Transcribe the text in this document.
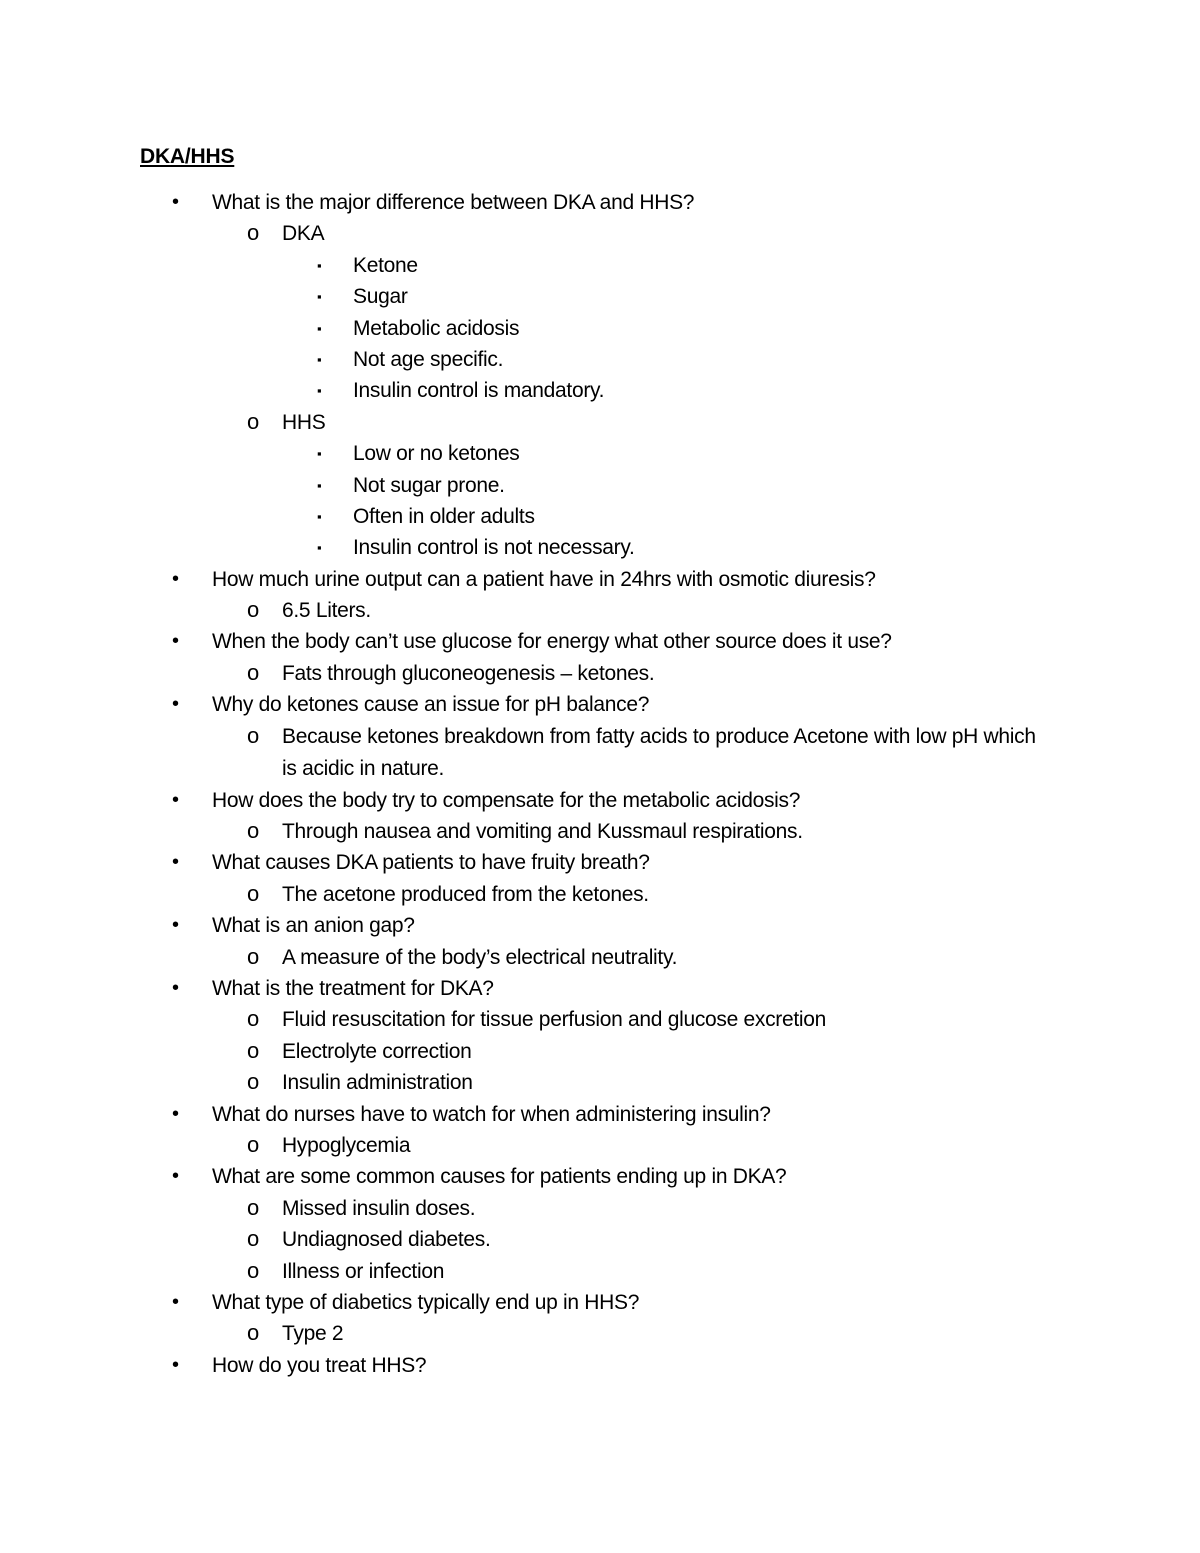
DKA/HHS
• What is the major difference between DKA and HHS?
o DKA
▪ Ketone
▪ Sugar
▪ Metabolic acidosis
▪ Not age specific.
▪ Insulin control is mandatory.
o HHS
▪ Low or no ketones
▪ Not sugar prone.
▪ Often in older adults
▪ Insulin control is not necessary.
• How much urine output can a patient have in 24hrs with osmotic diuresis?
o 6.5 Liters.
• When the body can’t use glucose for energy what other source does it use?
o Fats through gluconeogenesis – ketones.
• Why do ketones cause an issue for pH balance?
o Because ketones breakdown from fatty acids to produce Acetone with low pH which is acidic in nature.
• How does the body try to compensate for the metabolic acidosis?
o Through nausea and vomiting and Kussmaul respirations.
• What causes DKA patients to have fruity breath?
o The acetone produced from the ketones.
• What is an anion gap?
o A measure of the body’s electrical neutrality.
• What is the treatment for DKA?
o Fluid resuscitation for tissue perfusion and glucose excretion
o Electrolyte correction
o Insulin administration
• What do nurses have to watch for when administering insulin?
o Hypoglycemia
• What are some common causes for patients ending up in DKA?
o Missed insulin doses.
o Undiagnosed diabetes.
o Illness or infection
• What type of diabetics typically end up in HHS?
o Type 2
• How do you treat HHS?
